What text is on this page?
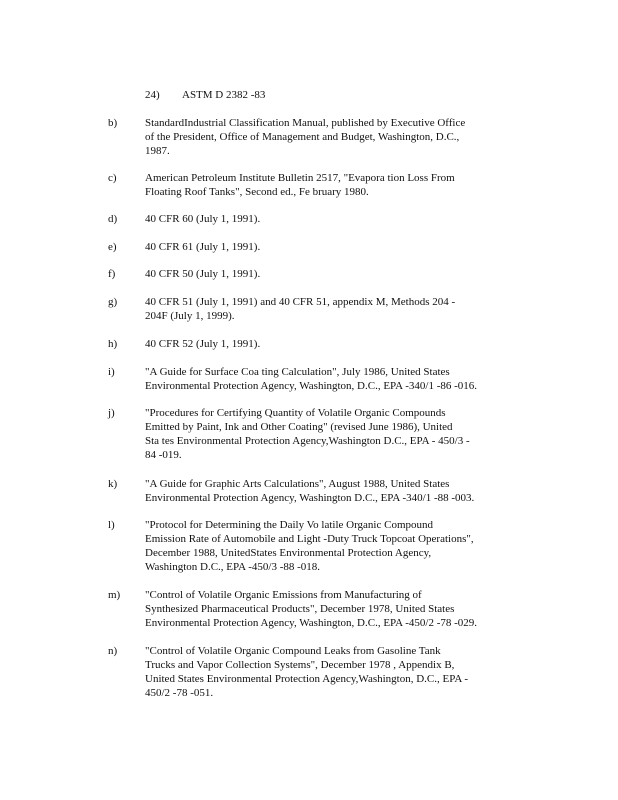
24) ASTM D 2382 -83
b)	StandardIndustrial Classification Manual, published by Executive Office
of the President, Office of Management and Budget, Washington, D.C.,
1987.
c)	American Petroleum Institute Bulletin 2517, "Evapora tion Loss From
Floating Roof Tanks", Second ed., Fe bruary 1980.
d)	40 CFR 60 (July 1, 1991).
e)	40 CFR 61 (July 1, 1991).
f)	40 CFR 50 (July 1, 1991).
g)	40 CFR 51 (July 1, 1991) and 40 CFR 51, appendix M, Methods 204 -
204F (July 1, 1999).
h)	40 CFR 52 (July 1, 1991).
i)	"A Guide for Surface Coa ting Calculation", July 1986, United States
Environmental Protection Agency, Washington, D.C., EPA -340/1 -86 -016.
j)	"Procedures for Certifying Quantity of Volatile Organic Compounds
Emitted by Paint, Ink and Other Coating" (revised June 1986), United
Sta tes Environmental Protection Agency,Washington D.C., EPA - 450/3 -
84 -019.
k)	"A Guide for Graphic Arts Calculations", August 1988, United States
Environmental Protection Agency, Washington D.C., EPA -340/1 -88 -003.
l)	"Protocol for Determining the Daily Vo latile Organic Compound
Emission Rate of Automobile and Light -Duty Truck Topcoat Operations",
December 1988, UnitedStates Environmental Protection Agency,
Washington D.C., EPA -450/3 -88 -018.
m) "Control of Volatile Organic Emissions from Manufacturing of
Synthesized Pharmaceutical Products", December 1978, United States
Environmental Protection Agency, Washington, D.C., EPA -450/2 -78 -029.
n)	"Control of Volatile Organic Compound Leaks from Gasoline Tank
Trucks and Vapor Collection Systems", December 1978 , Appendix B,
United States Environmental Protection Agency,Washington, D.C., EPA -
450/2 -78 -051.
